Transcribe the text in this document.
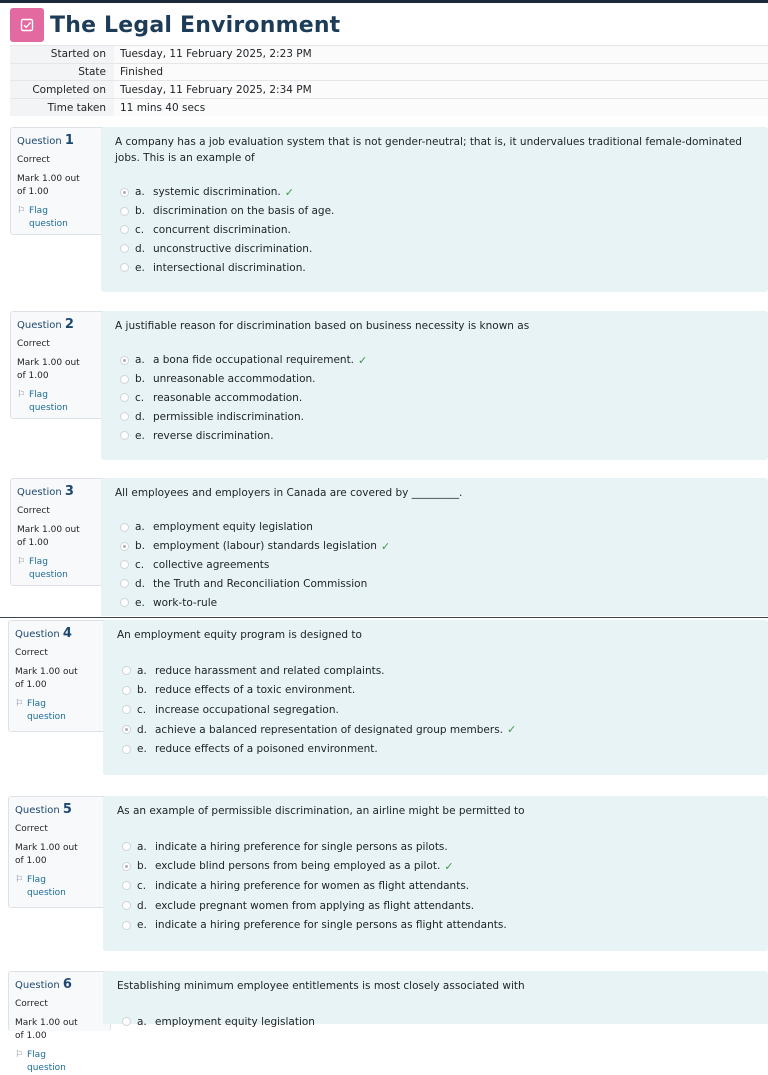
The Legal Environment
Started on	Tuesday, 11 February 2025, 2:23 PM
State	Finished
Completed on	Tuesday, 11 February 2025, 2:34 PM
Time taken	11 mins 40 secs
Question 1
Correct
Mark 1.00 out
of 1.00
⚐ Flag
question
A company has a job evaluation system that is not gender-neutral; that is, it undervalues traditional female-dominated jobs. This is an example of
a. systemic discrimination. ✓
b. discrimination on the basis of age.
c. concurrent discrimination.
d. unconstructive discrimination.
e. intersectional discrimination.
Question 2
Correct
Mark 1.00 out
of 1.00
⚐ Flag
question
A justifiable reason for discrimination based on business necessity is known as
a. a bona fide occupational requirement. ✓
b. unreasonable accommodation.
c. reasonable accommodation.
d. permissible indiscrimination.
e. reverse discrimination.
Question 3
Correct
Mark 1.00 out
of 1.00
⚐ Flag
question
All employees and employers in Canada are covered by _________.
a. employment equity legislation
b. employment (labour) standards legislation ✓
c. collective agreements
d. the Truth and Reconciliation Commission
e. work-to-rule
Question 4
Correct
Mark 1.00 out
of 1.00
⚐ Flag
question
An employment equity program is designed to
a. reduce harassment and related complaints.
b. reduce effects of a toxic environment.
c. increase occupational segregation.
d. achieve a balanced representation of designated group members. ✓
e. reduce effects of a poisoned environment.
Question 5
Correct
Mark 1.00 out
of 1.00
⚐ Flag
question
As an example of permissible discrimination, an airline might be permitted to
a. indicate a hiring preference for single persons as pilots.
b. exclude blind persons from being employed as a pilot. ✓
c. indicate a hiring preference for women as flight attendants.
d. exclude pregnant women from applying as flight attendants.
e. indicate a hiring preference for single persons as flight attendants.
Question 6
Correct
Mark 1.00 out
of 1.00
⚐ Flag
question
Establishing minimum employee entitlements is most closely associated with
a. employment equity legislation
